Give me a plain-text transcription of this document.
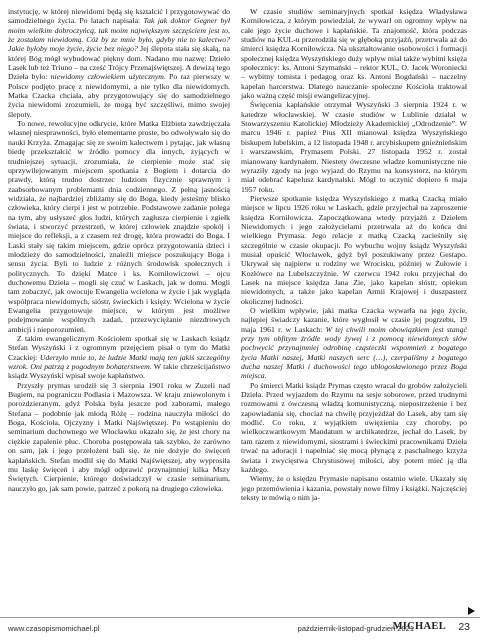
instytucję, w której niewidomi będą się kształcić i przygotowywać do samodzielnego życia. Po latach napisała: Tak jak doktor Gegner był moim wielkim dobroczyńcą, tak moim największym szczęściem jest to, że zostałam niewidomą. Cóż by ze mnie było, gdyby nie to kalectwo? Jakie byłoby moje życie, życie bez niego? Jej ślepota stała się skałą, na której Bóg mógł wybudować piękny dom. Nadano mu nazwę: Dzieło Lasek lub też Triuno – na cześć Trójcy Przenajświętszej. A dewizą tego Dzieła było: niewidomy człowiekiem użytecznym. Po raz pierwszy w Polsce podjęto pracę z niewidomymi, a nie tylko dla niewidomych. Matka Czacka chciała, aby przygotowujący się do samodzielnego życia niewidomi zrozumieli, że mogą być szczęśliwi, mimo swojej ślepoty.

To nowe, rewolucyjne odkrycie, które Matka Elżbieta zawdzięczała własnej niesprawności, było elementarne proste, bo odwoływało się do nauki Krzyża. Zmagając się ze swoim kalectwem i pytając, jak własną biedę przekształcić w źródło pomocy dla innych, żyjących w trudniejszej sytuacji, zrozumiała, że cierpienie może stać się uprzywilejowanym miejscem spotkania z Bogiem i dotarcia do prawdy, którą trudno dostrzec ludziom fizycznie sprawnym i zaabsorbowanym problemami dnia codziennego. Z pełną jasnością widziała, że najbardziej zbliżamy się do Boga, kiedy jesteśmy blisko człowieka, który cierpi i jest w potrzebie. Podstawowe zadanie polega na tym, aby usłyszeć głos ludzi, których zagłusza cierpienie i zgiełk świata, i stworzyć przestrzeń, w której człowiek znajdzie spokój i miejsce do refleksji, a z czasem też drogę, która prowadzi do Boga. I Laski stały się takim miejscem, gdzie oprócz przygotowania dzieci i młodzieży do samodzielności, znaleźli miejsce poszukujący Boga i sensu życia. Byli to ludzie z różnych środowisk społecznych i politycznych. To dzięki Matce i ks. Korniłowiczowi – ojcu duchowemu Dzieła – mogli się czuć w Laskach, jak w domu. Mogli tam zobaczyć, jak owocuje Ewangelia wcielona w życie i jak wygląda współpraca niewidomych, sióstr, świeckich i księży. Wcielona w życie Ewangelia przygotowuje miejsce, w którym jest możliwe podejmowanie wspólnych zadań, przezwyciężanie niezdrowych ambicji i nieporozumień.

Z takim ewangelicznym Kościołem spotkał się w Laskach ksiądz Stefan Wyszyński i z ogromnym przejęciem pisał o tym do Matki Czackiej: Uderzyło mnie to, że ludzie Matki mają ten jakiś szczególny wzrok. Oni patrzą z pogodnym bohaterstwem. W takie chrześcijaństwo ksiądz Wyszyński wpisał swoje kapłaństwo.

Przyszły prymas urodził się 3 sierpnia 1901 roku w Zuzeli nad Bugiem, na pograniczu Podlasia i Mazowsza. W kraju zniewolonym i porozdzieranym, gdyż Polska była jeszcze pod zaborami, małego Stefana – podobnie jak młodą Różę – rodzina nauczyła miłości do Boga, Kościoła, Ojczyzny i Matki Najświętszej. Po wstąpieniu do seminarium duchownego we Włocławku okazało się, że jest chory na ciężkie zapalenie płuc. Choroba postępowała tak szybko, że zarówno on sam, jak i jego przełożeni bali się, że nie dożyje do święceń kapłańskich. Stefan modlił się do Matki Najświętszej, aby wyprosiła mu łaskę święceń i aby mógł odprawić przynajmniej kilka Mszy Świętych. Cierpienie, którego doświadczył w czasie seminarium, nauczyło go, jak sam powie, patrzeć z pokorą na drugiego człowieka.

W czasie studiów seminaryjnych spotkał księdza Władysława Korniłowicza, z którym powiedział, że wywarł on ogromny wpływ na całe jego życie duchowe i kapłańskie. Ta znajomość, która podczas studiów na KUL-u przerodziła się w głęboką przyjaźń, przetrwała aż do śmierci księdza Korniłowicza. Na ukształtowanie osobowości i formacji społecznej księdza Wyszyńskiego duży wpływ miał także wybitni księża społecznicy: ks. Antoni Szymański – rektor KUL, O. Jacek Woroniecki – wybitny tomista i pedagog oraz ks. Antoni Bogdański – naczelny kapelan harcerstwa. Dlatego nauczanie społeczne Kościoła traktował jako ważną część misji ewangelizacyjnej.

Święcenia kapłańskie otrzymał Wyszyński 3 sierpnia 1924 r. w katedrze włocławskiej. W czasie studiów w Lublinie działał w Stowarzyszeniu Katolickiej Młodzieży Akademickiej „Odrodzenie”. W marcu 1946 r. papież Pius XII mianował księdza Wyszyńskiego biskupem lubelskim, a 12 listopada 1948 r. arcybiskupem gnieźnieńskim i warszawskim, Prymasem Polski. 27 listopada 1952 r. został mianowany kardynałem. Niestety ówczesne władze komunistyczne nie wyraziły zgody na jego wyjazd do Rzymu na konsystorz, na którym miał odebrać kapelusz kardynalski. Mógł to uczynić dopiero 6 maja 1957 roku.

Pierwsze spotkanie księdza Wyszyńskiego z matką Czacką miało miejsce w lipcu 1926 roku w Laskach, gdzie przyjechał na zaproszenie księdza Korniłowicza. Zapoczątkowana wtedy przyjaźń z Dziełem Niewidomych i jego założycielami przetrwała aż do końca dni wielkiego Prymasa. Jego relacje z matką Czacką zacieśniły się szczególnie w czasie okupacji. Po wybuchu wojny ksiądz Wyszyński musiał opuścić Włocławek, gdyż był poszukiwany przez Gestapo. Ukrywał się najpierw u rodziny we Wrocisku, później w Żułowie i Kozłówce na Lubelszczyźnie. W czerwcu 1942 roku przyjechał do Lasek na miejsce księdza Jana Zie, jako kapelan sióstr, opiekun niewidomych, a także jako kapelan Armii Krajowej i duszpasterz okolicznej ludności.

O wielkim wpływie, jaki matka Czacka wywarła na jego życie, najlepiej świadczy kazanie, które wygłosił w czasie jej pogrzebu, 19 maja 1961 r. w Laskach: W tej chwili moim obowiązkiem jest stanąć przy tym obfitym źródle wody żywej i z pomocą niewidomych słów pochwycić przynajmniej odrobinę cząsteczki wspomnień z bogatego życia Matki naszej, Matki naszych serc (…), czerpaliśmy z bogatego ducha naszej Matki i duchowości tego ubłogosławionego przez Boga miejsca.

Po śmierci Matki ksiądz Prymas często wracał do grobów założycieli Dzieła. Przed wyjazdem do Rzymu na sesje soborowe, przed trudnymi rozmowami z ówczesną władzą komunistyczną, niepostrzeżenie i bez zapowiadania się, chociaż na chwilę przyjeżdżał do Lasek, aby tam się modlić. Co roku, z wyjątkiem uwięzienia czy choroby, po wielkoczwartkowym Mandatum w archikatedrze, jechał do Lasek, by tam razem z niewidomymi, siostrami i świeckimi pracownikami Dzieła trwać na adoracji i napełniać się mocą płynącą z paschalnego krzyża świata i zwycięstwa Chrystusowej miłości, aby potem mieć ją dla każdego.

Wiemy, że o księdzu Prymasie napisano ostatnio wiele. Ukazały się jego przemówienia i kazania, powstały nowe filmy i książki. Najczęściej teksty te mówią o nim ja-

www.czasopismomichael.pl	październik-listopad-grudzień 2021
MICHAEL 23
